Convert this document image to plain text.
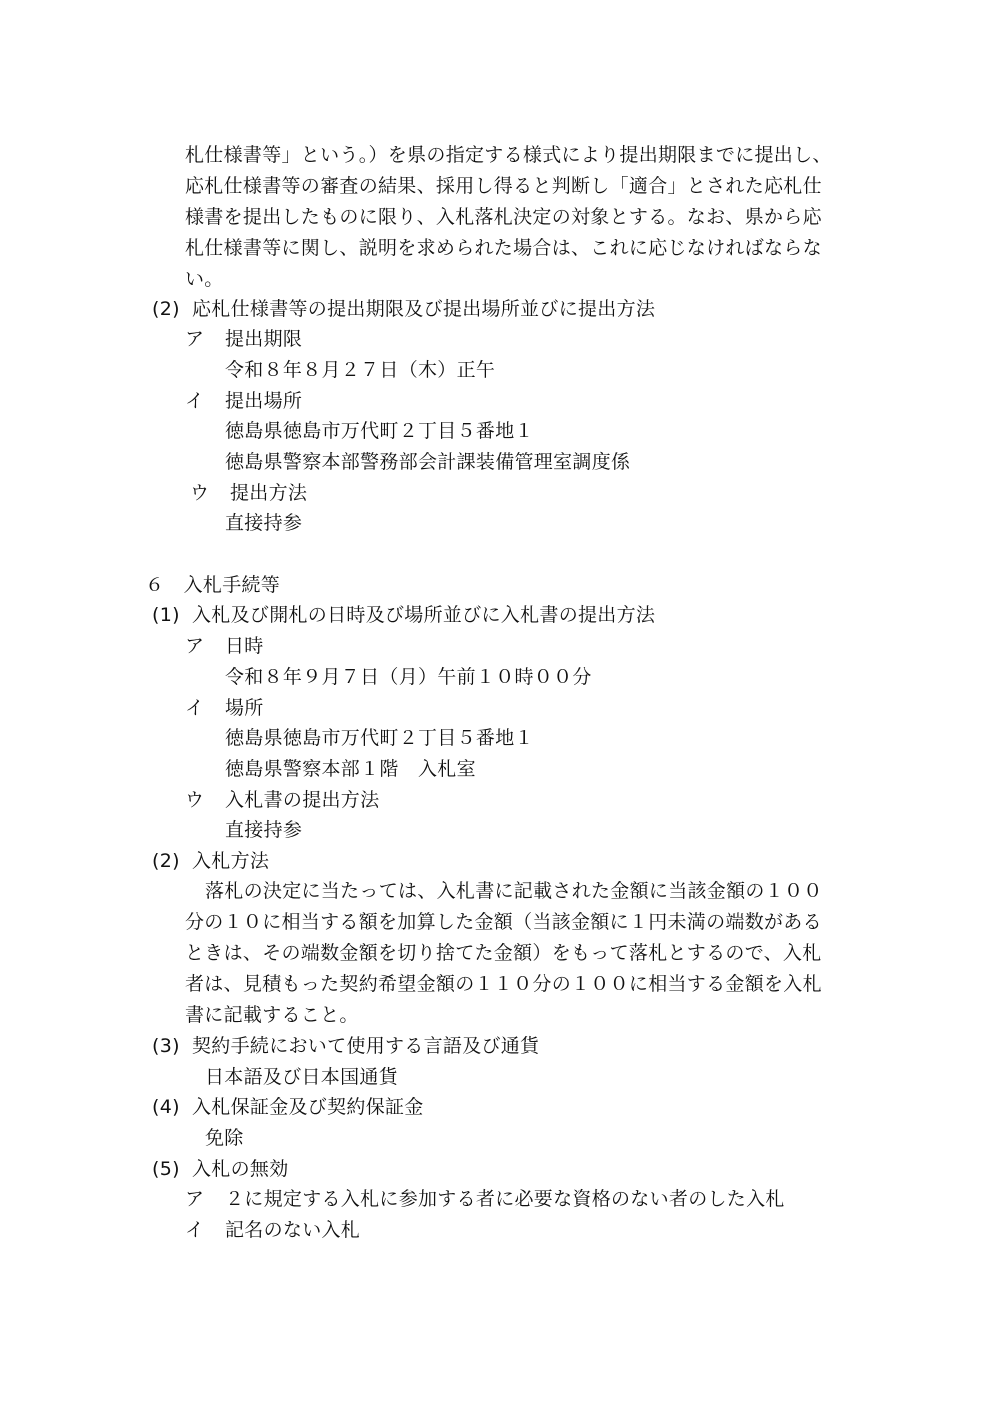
札仕様書等」という。）を県の指定する様式により提出期限までに提出し、
応札仕様書等の審査の結果、採用し得ると判断し「適合」とされた応札仕
様書を提出したものに限り、入札落札決定の対象とする。なお、県から応
札仕様書等に関し、説明を求められた場合は、これに応じなければならな
い。
(2) 応札仕様書等の提出期限及び提出場所並びに提出方法
ア 提出期限
令和８年８月２７日（木）正午
イ 提出場所
徳島県徳島市万代町２丁目５番地１
徳島県警察本部警務部会計課装備管理室調度係
ウ 提出方法
直接持参
６　入札手続等
(1) 入札及び開札の日時及び場所並びに入札書の提出方法
ア 日時
令和８年９月７日（月）午前１０時００分
イ 場所
徳島県徳島市万代町２丁目５番地１
徳島県警察本部１階　入札室
ウ 入札書の提出方法
直接持参
(2) 入札方法
落札の決定に当たっては、入札書に記載された金額に当該金額の１００
分の１０に相当する額を加算した金額（当該金額に１円未満の端数がある
ときは、その端数金額を切り捨てた金額）をもって落札とするので、入札
者は、見積もった契約希望金額の１１０分の１００に相当する金額を入札
書に記載すること。
(3) 契約手続において使用する言語及び通貨
日本語及び日本国通貨
(4) 入札保証金及び契約保証金
免除
(5) 入札の無効
ア ２に規定する入札に参加する者に必要な資格のない者のした入札
イ 記名のない入札
